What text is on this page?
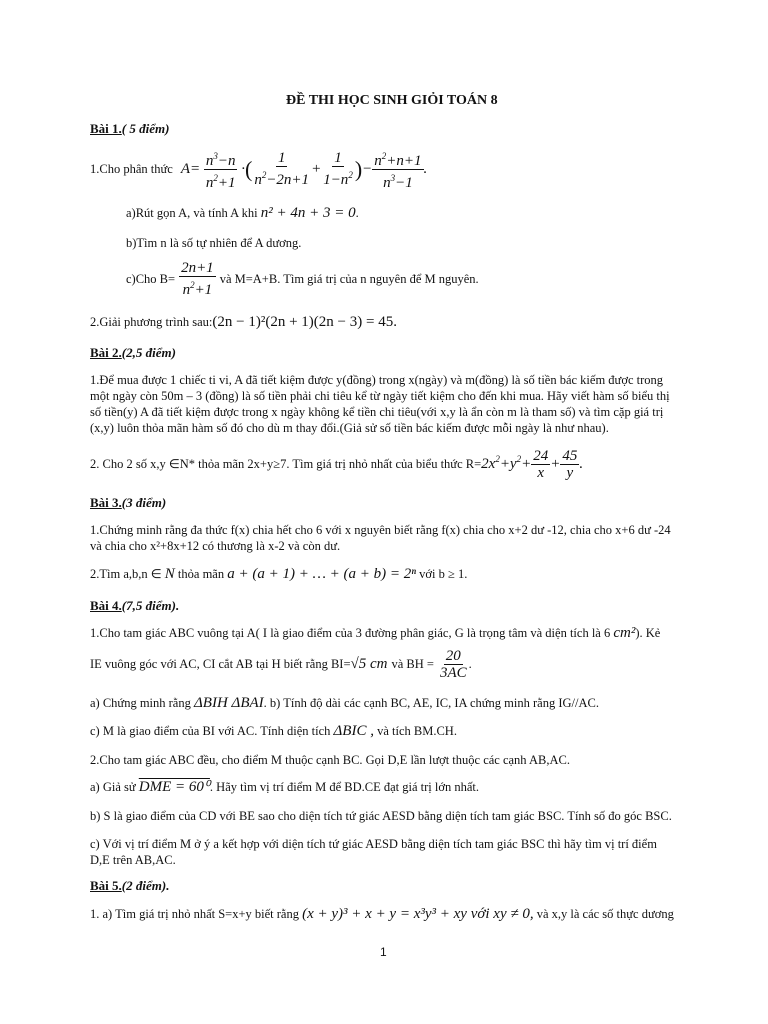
ĐỀ THI HỌC SINH GIỎI TOÁN 8
Bài 1.( 5 điểm)
1.Cho phân thức $A= \frac{n^3-n}{n^2+1}$ ·( $\frac{1}{n^2-2n+1} + \frac{1}{1-n^2}$ )− $\frac{n^2+n+1}{n^3-1}$ .
a)Rút gọn A, và tính A khi n² + 4n + 3 = 0.
b)Tìm n là số tự nhiên để A dương.
c)Cho $B= \frac{2n+1}{n^2+1}$ và M=A+B. Tìm giá trị của n nguyên để M nguyên.
2.Giải phương trình sau:(2n − 1)²(2n + 1)(2n − 3) = 45.
Bài 2.(2,5 điểm)
1.Để mua được 1 chiếc ti vi, A đã tiết kiệm được y(đồng) trong x(ngày) và m(đồng) là số tiền bác kiếm được trong
một ngày còn 50m – 3 (đồng) là số tiền phải chi tiêu kể từ ngày tiết kiệm cho đến khi mua. Hãy viết hàm số biểu thị
số tiền(y) A đã tiết kiệm được trong x ngày không kể tiền chi tiêu(với x,y là ẩn còn m là tham số) và tìm cặp giá trị
(x,y) luôn thỏa mãn hàm số đó cho dù m thay đổi.(Giả sử số tiền bác kiếm được mỗi ngày là như nhau).
2. Cho 2 số x,y ∈N* thỏa mãn 2x+y≥7. Tìm giá trị nhỏ nhất của biểu thức $R= 2x^2+y^2+ \frac{24}{x} + \frac{45}{y}$ .
Bài 3.(3 điểm)
1.Chứng minh rằng đa thức f(x) chia hết cho 6 với x nguyên biết rằng f(x) chia cho x+2 dư -12, chia cho x+6 dư -24
và chia cho x²+8x+12 có thương là x-2 và còn dư.
2.Tìm a,b,n ∈ N thỏa mãn a + (a + 1) + … + (a + b) = 2ⁿ với b ≥ 1.
Bài 4.(7,5 điểm).
1.Cho tam giác ABC vuông tại A( I là giao điểm của 3 đường phân giác, G là trọng tâm và diện tích là 6 cm²). Kẻ
IE vuông góc với AC, CI cắt AB tại H biết rằng BI= √5 cm và BH = $\frac{20}{3AC}$ .
a) Chứng minh rằng ΔBIH ΔBAI. b) Tính độ dài các cạnh BC, AE, IC, IA chứng minh rằng IG//AC.
c) M là giao điểm của BI với AC. Tính diện tích ΔBIC , và tích BM.CH.
2.Cho tam giác ABC đều, cho điểm M thuộc cạnh BC. Gọi D,E lần lượt thuộc các cạnh AB,AC.
a) Giả sử DME = 60⁰. Hãy tìm vị trí điểm M để BD.CE đạt giá trị lớn nhất.
b) S là giao điểm của CD với BE sao cho diện tích tứ giác AESD bằng diện tích tam giác BSC. Tính số đo góc BSC.
c) Với vị trí điểm M ở ý a kết hợp với diện tích tứ giác AESD bằng diện tích tam giác BSC thì hãy tìm vị trí điểm
D,E trên AB,AC.
Bài 5.(2 điểm).
1. a) Tìm giá trị nhỏ nhất S=x+y biết rằng (x + y)³ + x + y = x³y³ + xy với xy ≠ 0, và x,y là các số thực dương
1
